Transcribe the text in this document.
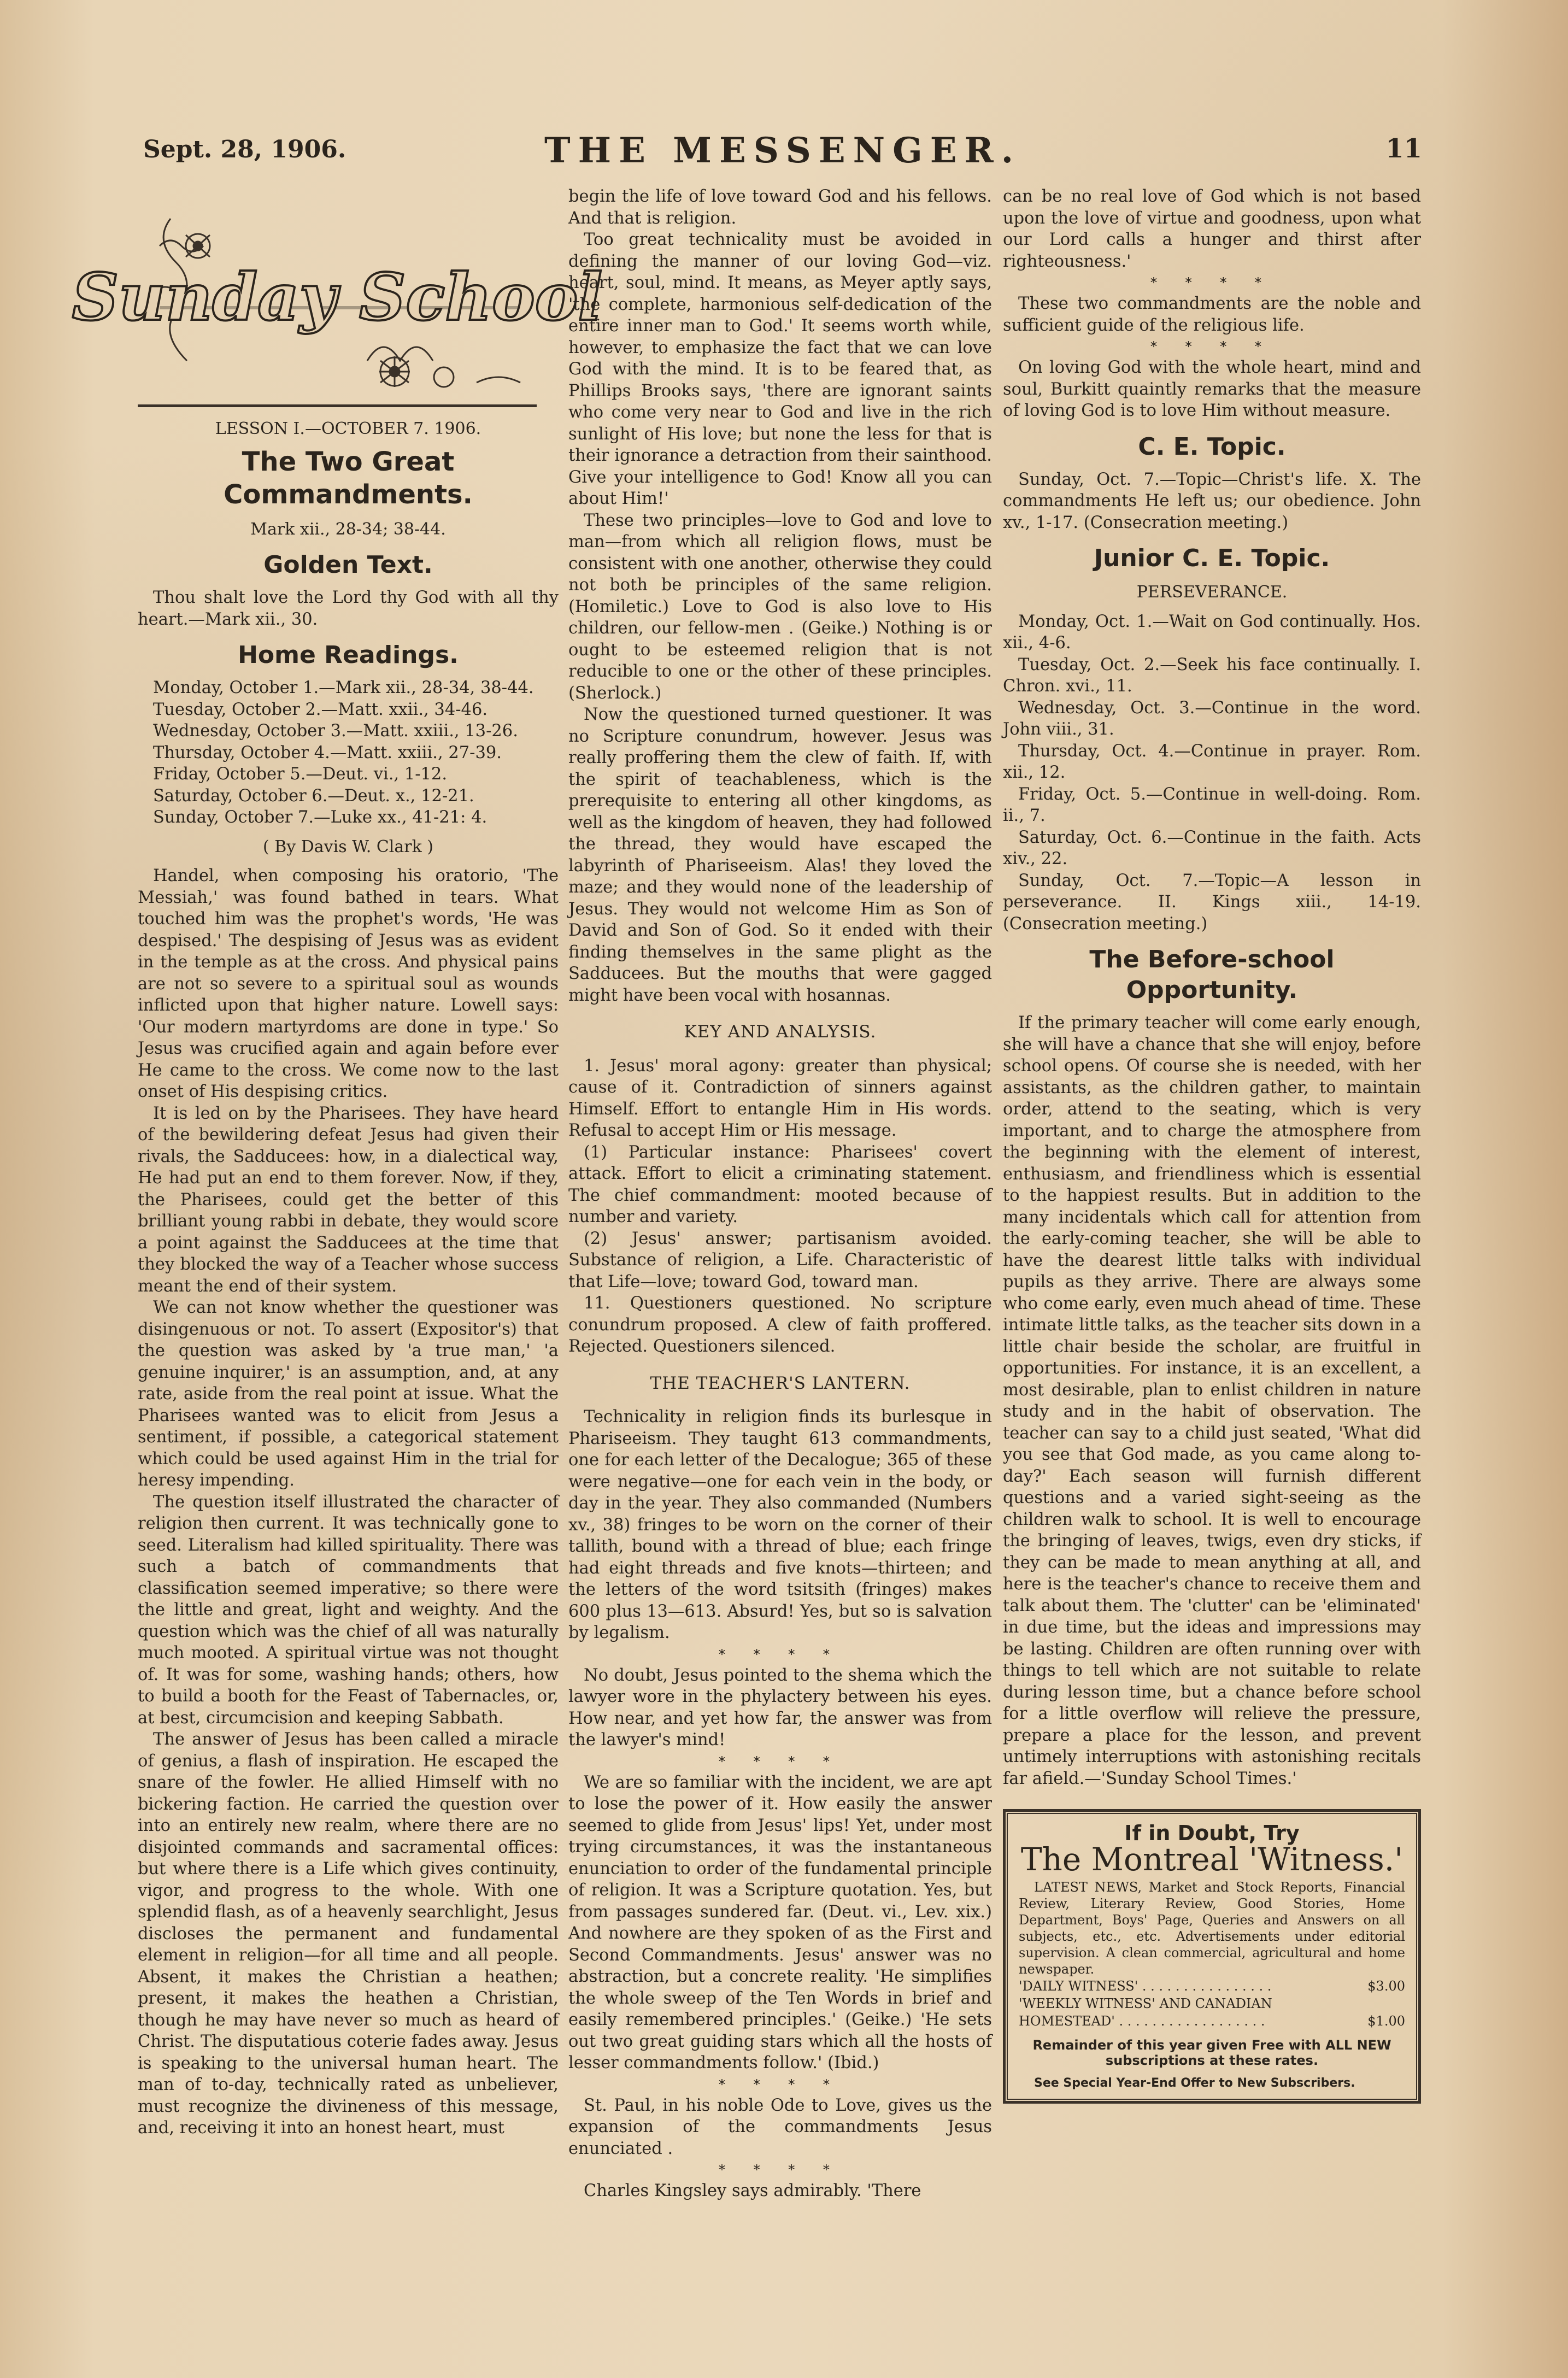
Sept. 28, 1906.	THE MESSENGER.	11
Sunday School
LESSON I.—OCTOBER 7. 1906.
The Two Great Commandments.
Mark xii., 28-34; 38-44.
Golden Text.

Thou shalt love the Lord thy God with all thy heart.—Mark xii., 30.

Home Readings.

Monday, October 1.—Mark xii., 28-34, 38-44.

Tuesday, October 2.—Matt. xxii., 34-46.

Wednesday, October 3.—Matt. xxiii., 13-26.

Thursday, October 4.—Matt. xxiii., 27-39.

Friday, October 5.—Deut. vi., 1-12.

Saturday, October 6.—Deut. x., 12-21.

Sunday, October 7.—Luke xx., 41-21: 4.

( By Davis W. Clark )

Handel, when composing his oratorio, 'The Messiah,' was found bathed in tears. What touched him was the prophet's words, 'He was despised.' The despising of Jesus was as evident in the temple as at the cross. And physical pains are not so severe to a spiritual soul as wounds inflicted upon that higher nature. Lowell says: 'Our modern martyrdoms are done in type.' So Jesus was crucified again and again before ever He came to the cross. We come now to the last onset of His despising critics.

It is led on by the Pharisees. They have heard of the bewildering defeat Jesus had given their rivals, the Sadducees: how, in a dialectical way, He had put an end to them forever. Now, if they, the Pharisees, could get the better of this brilliant young rabbi in debate, they would score a point against the Sadducees at the time that they blocked the way of a Teacher whose success meant the end of their system.

We can not know whether the questioner was disingenuous or not. To assert (Expositor's) that the question was asked by 'a true man,' 'a genuine inquirer,' is an assumption, and, at any rate, aside from the real point at issue. What the Pharisees wanted was to elicit from Jesus a sentiment, if possible, a categorical statement which could be used against Him in the trial for heresy impending.

The question itself illustrated the character of religion then current. It was technically gone to seed. Literalism had killed spirituality. There was such a batch of commandments that classification seemed imperative; so there were the little and great, light and weighty. And the question which was the chief of all was naturally much mooted. A spiritual virtue was not thought of. It was for some, washing hands; others, how to build a booth for the Feast of Tabernacles, or, at best, circumcision and keeping Sabbath.

The answer of Jesus has been called a miracle of genius, a flash of inspiration. He escaped the snare of the fowler. He allied Himself with no bickering faction. He carried the question over into an entirely new realm, where there are no disjointed commands and sacramental offices: but where there is a Life which gives continuity, vigor, and progress to the whole. With one splendid flash, as of a heavenly searchlight, Jesus discloses the permanent and fundamental element in religion—for all time and all people. Absent, it makes the Christian a heathen; present, it makes the heathen a Christian, though he may have never so much as heard of Christ. The disputatious coterie fades away. Jesus is speaking to the universal human heart. The man of to-day, technically rated as unbeliever, must recognize the divineness of this message, and, receiving it into an honest heart, must

begin the life of love toward God and his fellows. And that is religion.

Too great technicality must be avoided in defining the manner of our loving God—viz. heart, soul, mind. It means, as Meyer aptly says, 'the complete, harmonious self-dedication of the entire inner man to God.' It seems worth while, however, to emphasize the fact that we can love God with the mind. It is to be feared that, as Phillips Brooks says, 'there are ignorant saints who come very near to God and live in the rich sunlight of His love; but none the less for that is their ignorance a detraction from their sainthood. Give your intelligence to God! Know all you can about Him!'

These two principles—love to God and love to man—from which all religion flows, must be consistent with one another, otherwise they could not both be principles of the same religion. (Homiletic.) Love to God is also love to His children, our fellow-men . (Geike.) Nothing is or ought to be esteemed religion that is not reducible to one or the other of these principles. (Sherlock.)

Now the questioned turned questioner. It was no Scripture conundrum, however. Jesus was really proffering them the clew of faith. If, with the spirit of teachableness, which is the prerequisite to entering all other kingdoms, as well as the kingdom of heaven, they had followed the thread, they would have escaped the labyrinth of Phariseeism. Alas! they loved the maze; and they would none of the leadership of Jesus. They would not welcome Him as Son of David and Son of God. So it ended with their finding themselves in the same plight as the Sadducees. But the mouths that were gagged might have been vocal with hosannas.

KEY AND ANALYSIS.

1. Jesus' moral agony: greater than physical; cause of it. Contradiction of sinners against Himself. Effort to entangle Him in His words. Refusal to accept Him or His message.

(1) Particular instance: Pharisees' covert attack. Effort to elicit a criminating statement. The chief commandment: mooted because of number and variety.

(2) Jesus' answer; partisanism avoided. Substance of religion, a Life. Characteristic of that Life—love; toward God, toward man.

11. Questioners questioned. No scripture conundrum proposed. A clew of faith proffered. Rejected. Questioners silenced.

THE TEACHER'S LANTERN.

Technicality in religion finds its burlesque in Phariseeism. They taught 613 commandments, one for each letter of the Decalogue; 365 of these were negative—one for each vein in the body, or day in the year. They also commanded (Numbers xv., 38) fringes to be worn on the corner of their tallith, bound with a thread of blue; each fringe had eight threads and five knots—thirteen; and the letters of the word tsitsith (fringes) makes 600 plus 13—613. Absurd! Yes, but so is salvation by legalism.

* * * *

No doubt, Jesus pointed to the shema which the lawyer wore in the phylactery between his eyes. How near, and yet how far, the answer was from the lawyer's mind!

* * * *

We are so familiar with the incident, we are apt to lose the power of it. How easily the answer seemed to glide from Jesus' lips! Yet, under most trying circumstances, it was the instantaneous enunciation to order of the fundamental principle of religion. It was a Scripture quotation. Yes, but from passages sundered far. (Deut. vi., Lev. xix.) And nowhere are they spoken of as the First and Second Commandments. Jesus' answer was no abstraction, but a concrete reality. 'He simplifies the whole sweep of the Ten Words in brief and easily remembered principles.' (Geike.) 'He sets out two great guiding stars which all the hosts of lesser commandments follow.' (Ibid.)

* * * *

St. Paul, in his noble Ode to Love, gives us the expansion of the commandments Jesus enunciated .

* * * *

Charles Kingsley says admirably. 'There

can be no real love of God which is not based upon the love of virtue and goodness, upon what our Lord calls a hunger and thirst after righteousness.'

* * * *

These two commandments are the noble and sufficient guide of the religious life.

* * * *

On loving God with the whole heart, mind and soul, Burkitt quaintly remarks that the measure of loving God is to love Him without measure.

C. E. Topic.

Sunday, Oct. 7.—Topic—Christ's life. X. The commandments He left us; our obedience. John xv., 1-17. (Consecration meeting.)

Junior C. E. Topic.
PERSEVERANCE.

Monday, Oct. 1.—Wait on God continually. Hos. xii., 4-6.

Tuesday, Oct. 2.—Seek his face continually. I. Chron. xvi., 11.

Wednesday, Oct. 3.—Continue in the word. John viii., 31.

Thursday, Oct. 4.—Continue in prayer. Rom. xii., 12.

Friday, Oct. 5.—Continue in well-doing. Rom. ii., 7.

Saturday, Oct. 6.—Continue in the faith. Acts xiv., 22.

Sunday, Oct. 7.—Topic—A lesson in perseverance. II. Kings xiii., 14-19. (Consecration meeting.)

The Before-school Opportunity.

If the primary teacher will come early enough, she will have a chance that she will enjoy, before school opens. Of course she is needed, with her assistants, as the children gather, to maintain order, attend to the seating, which is very important, and to charge the atmosphere from the beginning with the element of interest, enthusiasm, and friendliness which is essential to the happiest results. But in addition to the many incidentals which call for attention from the early-coming teacher, she will be able to have the dearest little talks with individual pupils as they arrive. There are always some who come early, even much ahead of time. These intimate little talks, as the teacher sits down in a little chair beside the scholar, are fruitful in opportunities. For instance, it is an excellent, a most desirable, plan to enlist children in nature study and in the habit of observation. The teacher can say to a child just seated, 'What did you see that God made, as you came along to-day?' Each season will furnish different questions and a varied sight-seeing as the children walk to school. It is well to encourage the bringing of leaves, twigs, even dry sticks, if they can be made to mean anything at all, and here is the teacher's chance to receive them and talk about them. The 'clutter' can be 'eliminated' in due time, but the ideas and impressions may be lasting. Children are often running over with things to tell which are not suitable to relate during lesson time, but a chance before school for a little overflow will relieve the pressure, prepare a place for the lesson, and prevent untimely interruptions with astonishing recitals far afield.—'Sunday School Times.'

If in Doubt, Try
The Montreal 'Witness.'
LATEST NEWS, Market and Stock Reports, Financial Review, Literary Review, Good Stories, Home Department, Boys' Page, Queries and Answers on all subjects, etc., etc. Advertisements under editorial supervision. A clean commercial, agricultural and home newspaper.
'DAILY WITNESS' . . . . . . . . . . . . . . . .	$3.00
'WEEKLY WITNESS' AND CANADIAN
HOMESTEAD' . . . . . . . . . . . . . . . . . .	$1.00
Remainder of this year given Free with ALL NEW subscriptions at these rates.
See Special Year-End Offer to New Subscribers.
